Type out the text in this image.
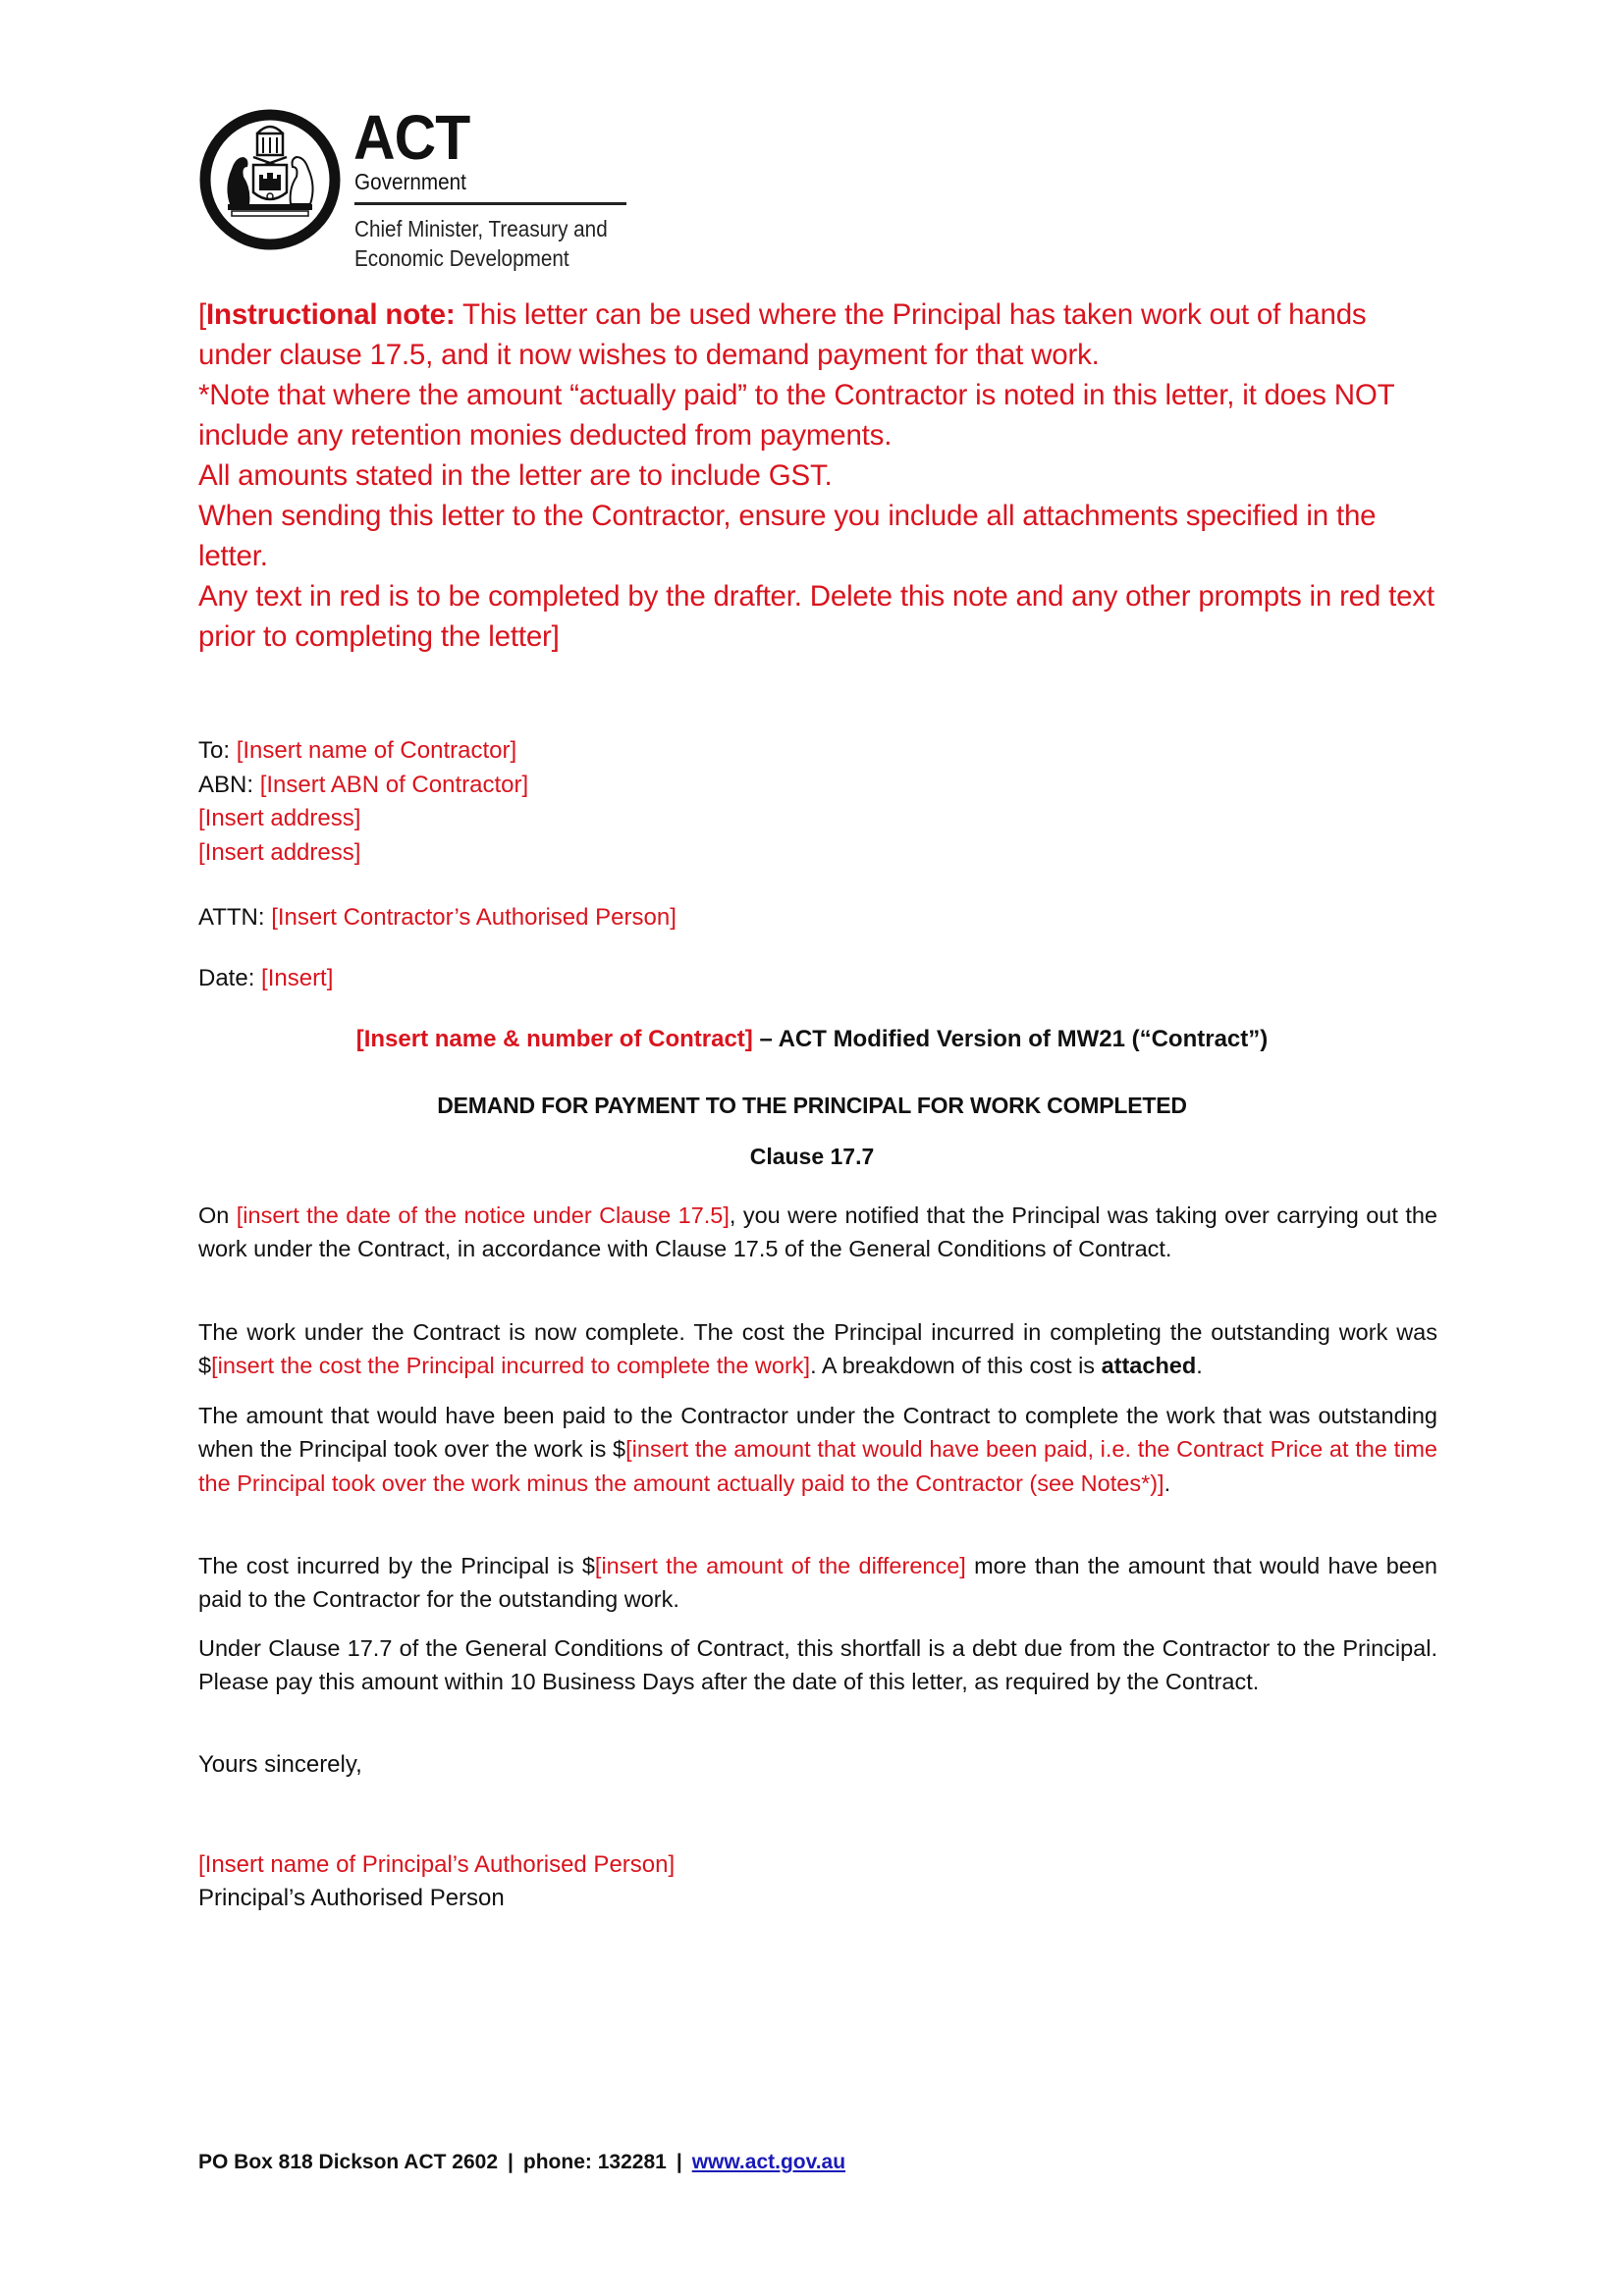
ACT
Government
Chief Minister, Treasury and
Economic Development

[Instructional note: This letter can be used where the Principal has taken work out of hands under clause 17.5, and it now wishes to demand payment for that work.

*Note that where the amount “actually paid” to the Contractor is noted in this letter, it does NOT include any retention monies deducted from payments.

All amounts stated in the letter are to include GST.

When sending this letter to the Contractor, ensure you include all attachments specified in the letter.

Any text in red is to be completed by the drafter. Delete this note and any other prompts in red text prior to completing the letter]

To: [Insert name of Contractor]
ABN: [Insert ABN of Contractor]
[Insert address]
[Insert address]
ATTN: [Insert Contractor’s Authorised Person]
Date: [Insert]
[Insert name & number of Contract] – ACT Modified Version of MW21 (“Contract”)
DEMAND FOR PAYMENT TO THE PRINCIPAL FOR WORK COMPLETED
Clause 17.7
On [insert the date of the notice under Clause 17.5], you were notified that the Principal was taking over carrying out the work under the Contract, in accordance with Clause 17.5 of the General Conditions of Contract.
The work under the Contract is now complete. The cost the Principal incurred in completing the outstanding work was $[insert the cost the Principal incurred to complete the work]. A breakdown of this cost is attached.
The amount that would have been paid to the Contractor under the Contract to complete the work that was outstanding when the Principal took over the work is $[insert the amount that would have been paid, i.e. the Contract Price at the time the Principal took over the work minus the amount actually paid to the Contractor (see Notes*)].
The cost incurred by the Principal is $[insert the amount of the difference] more than the amount that would have been paid to the Contractor for the outstanding work.
Under Clause 17.7 of the General Conditions of Contract, this shortfall is a debt due from the Contractor to the Principal. Please pay this amount within 10 Business Days after the date of this letter, as required by the Contract.
Yours sincerely,
[Insert name of Principal’s Authorised Person]
Principal’s Authorised Person
PO Box 818 Dickson ACT 2602 | phone: 132281 | www.act.gov.au
